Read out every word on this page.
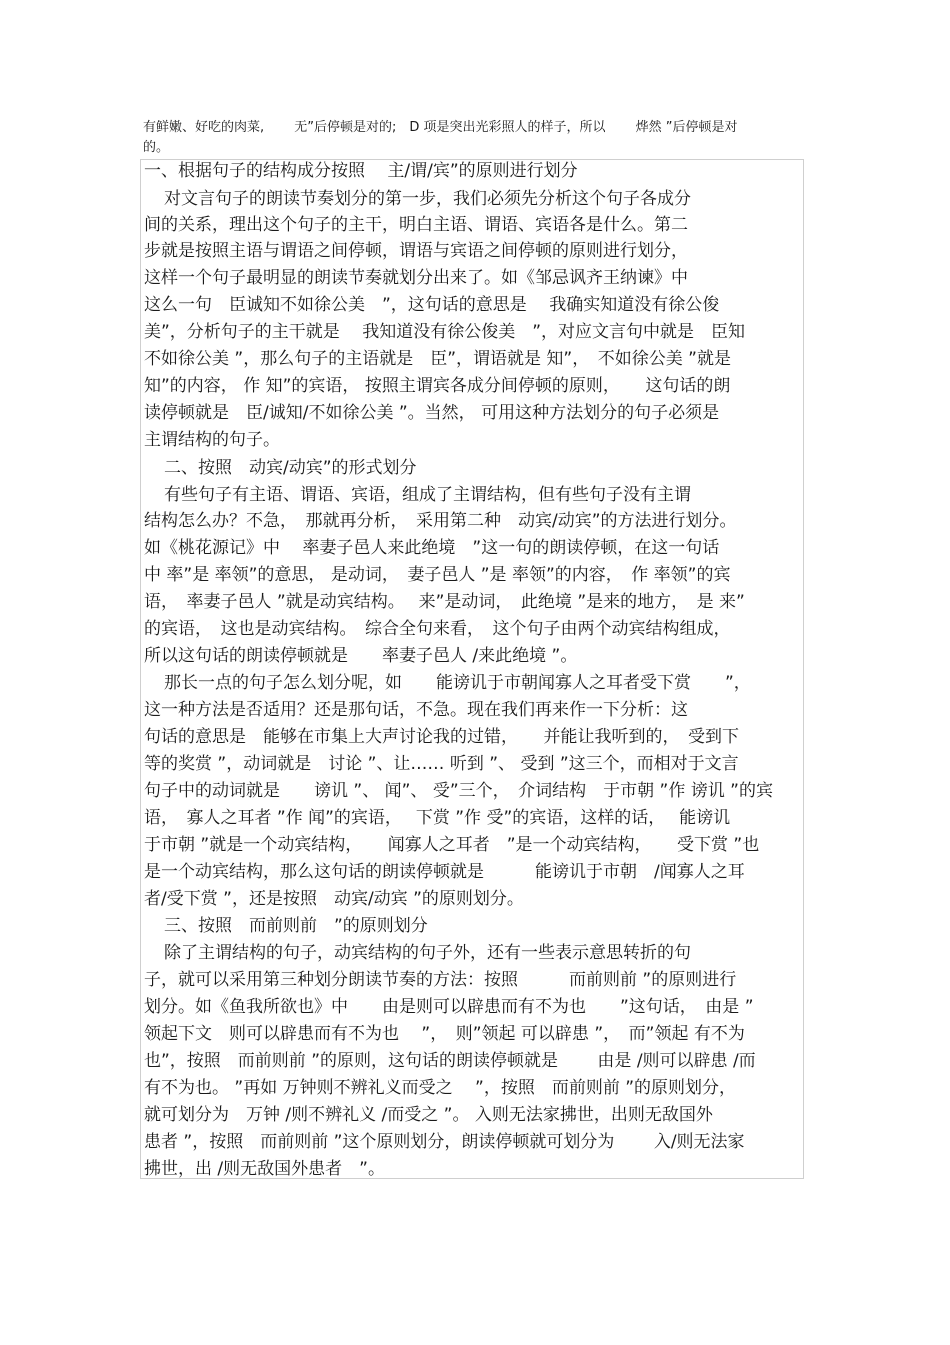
有鲜嫩、好吃的肉菜,　　 无”后停顿是对的;　D 项是突出光彩照人的样子，所以　　 烨然 ”后停顿是对

的。

一、根据句子的结构成分按照　 主/谓/宾”的原则进行划分
对文言句子的朗读节奏划分的第一步，我们必须先分析这个句子各成分
间的关系，理出这个句子的主干，明白主语、谓语、宾语各是什么。第二
步就是按照主语与谓语之间停顿，谓语与宾语之间停顿的原则进行划分，
这样一个句子最明显的朗读节奏就划分出来了。如《邹忌讽齐王纳谏》中
这么一句　臣诚知不如徐公美　”，这句话的意思是　 我确实知道没有徐公俊
美”，分析句子的主干就是　 我知道没有徐公俊美　”，对应文言句中就是　臣知
不如徐公美 ”，那么句子的主语就是　臣”，谓语就是 知”，　不如徐公美 ”就是
知”的内容， 作 知”的宾语， 按照主谓宾各成分间停顿的原则，　　这句话的朗
读停顿就是　臣/诚知/不如徐公美 ”。当然， 可用这种方法划分的句子必须是
主谓结构的句子。
二、按照　动宾/动宾”的形式划分
有些句子有主语、谓语、宾语，组成了主谓结构，但有些句子没有主谓
结构怎么办？不急，　那就再分析，　采用第二种　动宾/动宾”的方法进行划分。
如《桃花源记》中　 率妻子邑人来此绝境　”这一句的朗读停顿，在这一句话
中 率”是 率领”的意思， 是动词，　妻子邑人 ”是 率领”的内容，　作 率领”的宾
语，　率妻子邑人 ”就是动宾结构。　 来”是动词，　此绝境 ”是来的地方，　是 来”
的宾语，　这也是动宾结构。　综合全句来看，　这个句子由两个动宾结构组成，
所以这句话的朗读停顿就是　　率妻子邑人 /来此绝境 ”。
那长一点的句子怎么划分呢，如　　能谤讥于市朝闻寡人之耳者受下赏　　”，
这一种方法是否适用？还是那句话，不急。现在我们再来作一下分析：这
句话的意思是　能够在市集上大声讨论我的过错，　　并能让我听到的，　受到下
等的奖赏 ”，动词就是　讨论 ”、让…… 听到 ”、 受到 ”这三个，而相对于文言
句子中的动词就是　　谤讥 ”、 闻”、 受”三个，　介词结构　于市朝 ”作 谤讥 ”的宾
语，　寡人之耳者 ”作 闻”的宾语，　 下赏 ”作 受”的宾语，这样的话，　 能谤讥
于市朝 ”就是一个动宾结构，　　闻寡人之耳者　”是一个动宾结构，　　受下赏 ”也
是一个动宾结构，那么这句话的朗读停顿就是　　　能谤讥于市朝　/闻寡人之耳
者/受下赏 ”，还是按照　动宾/动宾 ”的原则划分。
三、按照　而前则前　”的原则划分
除了主谓结构的句子，动宾结构的句子外，还有一些表示意思转折的句
子，就可以采用第三种划分朗读节奏的方法：按照　　　而前则前 ”的原则进行
划分。如《鱼我所欲也》中　　由是则可以辟患而有不为也　　”这句话，　由是 ”
领起下文　则可以辟患而有不为也　 ”，　则”领起 可以辟患 ”，　而”领起 有不为
也”，按照　而前则前 ”的原则，这句话的朗读停顿就是　　 由是 /则可以辟患 /而
有不为也。 ”再如 万钟则不辨礼义而受之　 ”，按照　而前则前 ”的原则划分，
就可划分为　万钟 /则不辨礼义 /而受之 ”。 入则无法家拂世，出则无敌国外
患者 ”，按照　而前则前 ”这个原则划分，朗读停顿就可划分为　　 入/则无法家
拂世，出 /则无敌国外患者　”。
